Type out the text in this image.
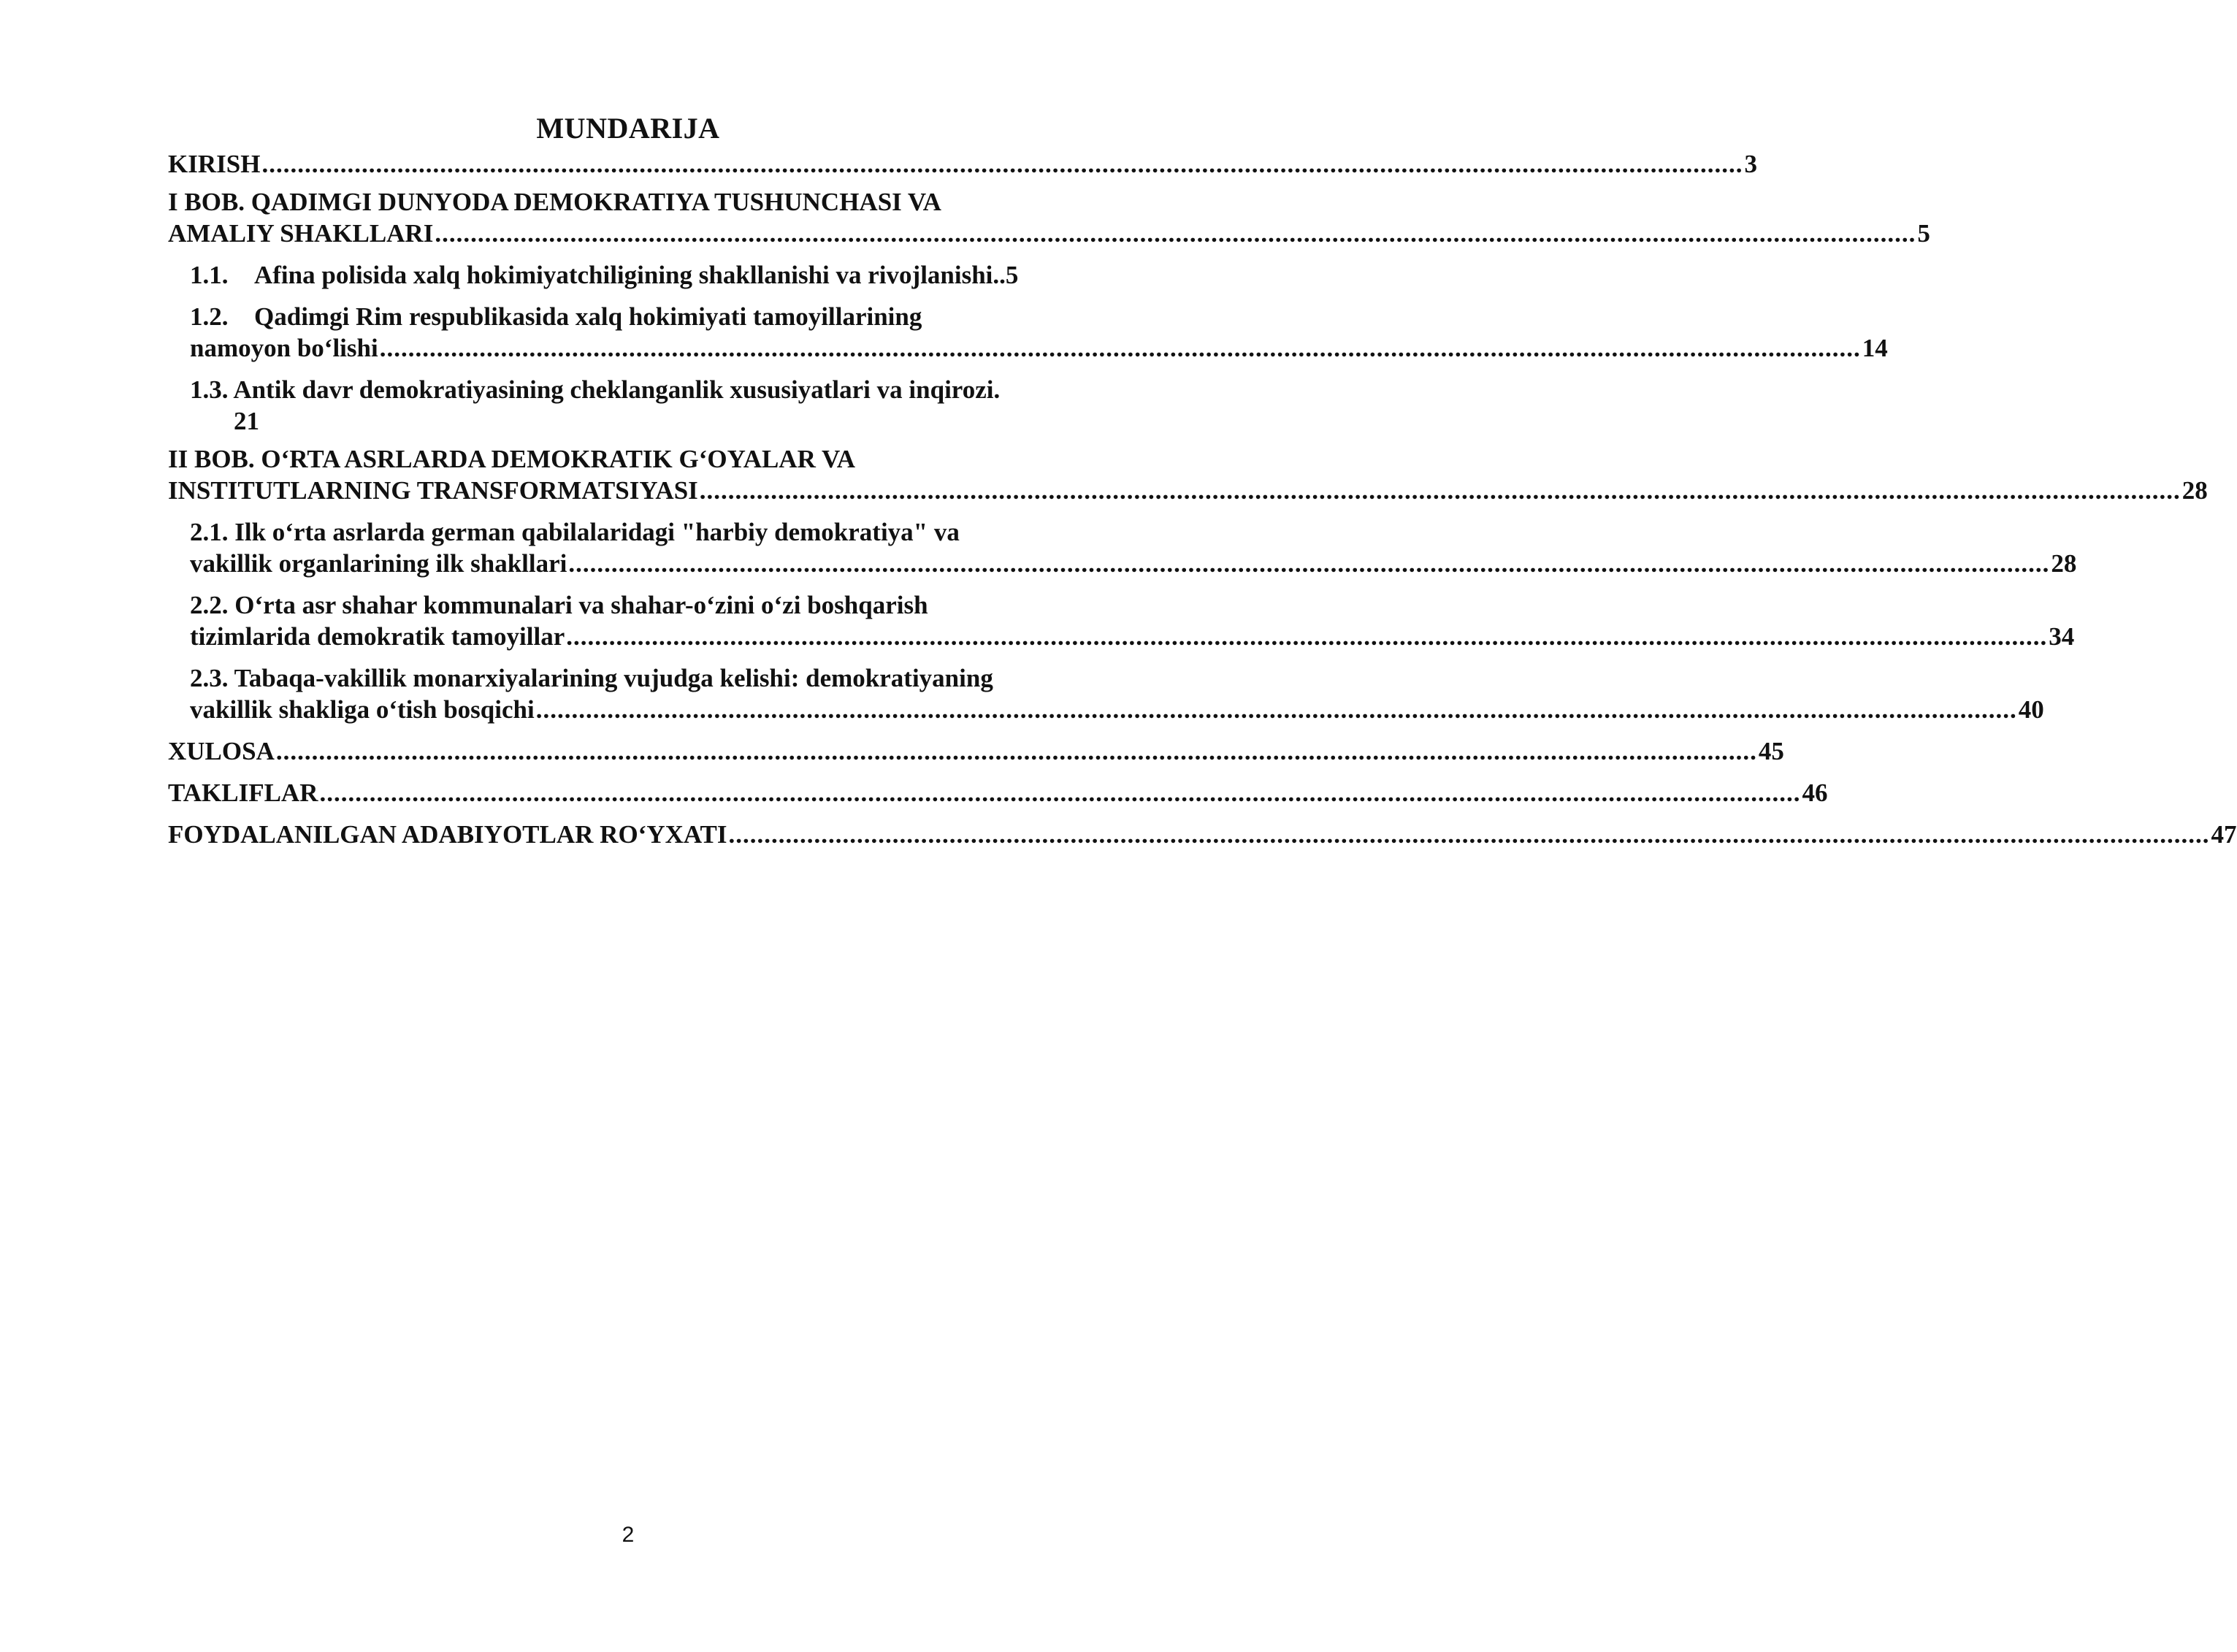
MUNDARIJA
KIRISH ................................................................................................................................................................................................................ 3
I BOB. QADIMGI DUNYODA DEMOKRATIYA TUSHUNCHASI VA
AMALIY SHAKLLARI ................................................................................................................................................................................................................ 5
1.1. Afina polisida xalq hokimiyatchiligining shakllanishi va rivojlanishi.. 5
1.2. Qadimgi Rim respublikasida xalq hokimiyati tamoyillarining
namoyon bo‘lishi ................................................................................................................................................................................................................ 14
1.3. Antik davr demokratiyasining cheklanganlik xususiyatlari va inqirozi.
21
II BOB. O‘RTA ASRLARDA DEMOKRATIK G‘OYALAR VA
INSTITUTLARNING TRANSFORMATSIYASI ................................................................................................................................................................................................................ 28
2.1. Ilk o‘rta asrlarda german qabilalaridagi "harbiy demokratiya" va
vakillik organlarining ilk shakllari ................................................................................................................................................................................................................ 28
2.2. O‘rta asr shahar kommunalari va shahar-o‘zini o‘zi boshqarish
tizimlarida demokratik tamoyillar ................................................................................................................................................................................................................ 34
2.3. Tabaqa-vakillik monarxiyalarining vujudga kelishi: demokratiyaning
vakillik shakliga o‘tish bosqichi ................................................................................................................................................................................................................ 40
XULOSA ................................................................................................................................................................................................................ 45
TAKLIFLAR ................................................................................................................................................................................................................ 46
FOYDALANILGAN ADABIYOTLAR RO‘YXATI ................................................................................................................................................................................................................ 47
2
